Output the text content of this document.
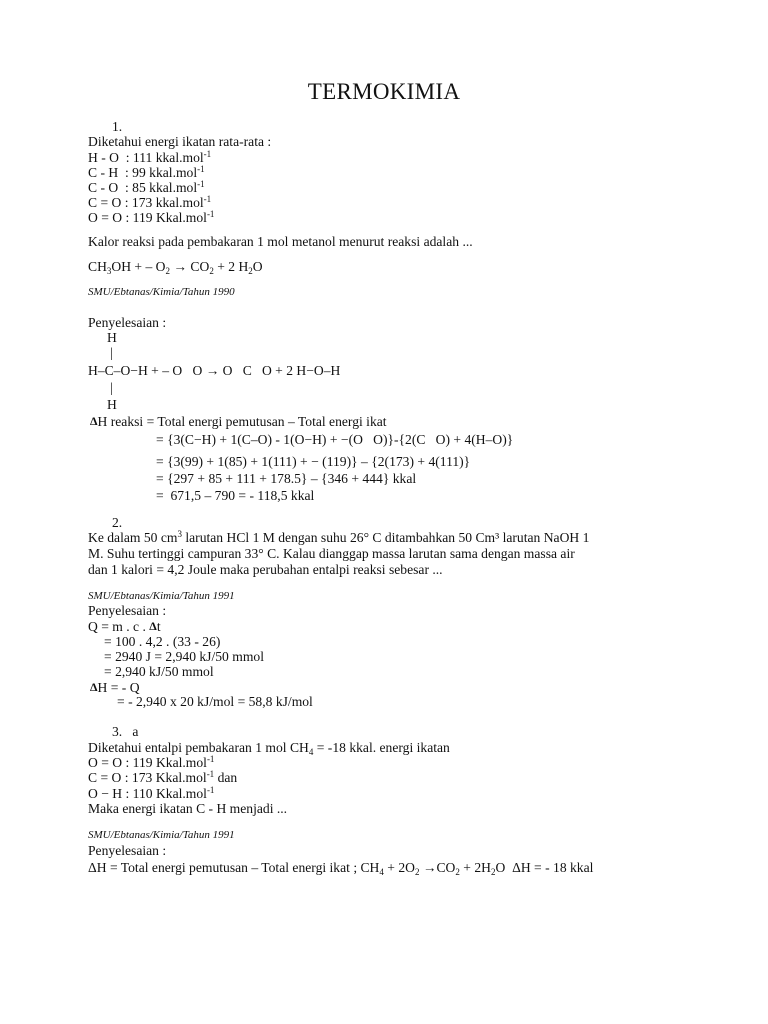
TERMOKIMIA
1.
Diketahui energi ikatan rata-rata :
H - O  : 111 kkal.mol$^{-1}$
C - H  : 99 kkal.mol$^{-1}$
C - O  : 85 kkal.mol$^{-1}$
C = O : 173 kkal.mol$^{-1}$
O = O : 119 Kkal.mol$^{-1}$
Kalor reaksi pada pembakaran 1 mol metanol menurut reaksi adalah ...
$CH_3OH$ + – $O_2 \to CO_2 + 2$ $H_2O$
SMU/Ebtanas/Kimia/Tahun 1990
Penyelesaian :
H
|
H–C–O−H + – O   O → O   C   O + 2 H−O–H
|
H
ΔH reaksi = Total energi pemutusan – Total energi ikat
= {3(C−H) + 1(C–O) - 1(O−H) + −(O   O)}-{2(C   O) + 4(H–O)}
= {3(99) + 1(85) + 1(111) + − (119)} – {2(173) + 4(111)}
= {297 + 85 + 111 + 178.5} – {346 + 444} kkal
=  671,5 – 790 = - 118,5 kkal
2.
Ke dalam 50 $cm^3$ larutan HCl 1 M dengan suhu 26° C ditambahkan 50 Cm³ larutan NaOH 1
M. Suhu tertinggi campuran 33° C. Kalau dianggap massa larutan sama dengan massa air
dan 1 kalori = 4,2 Joule maka perubahan entalpi reaksi sebesar ...
SMU/Ebtanas/Kimia/Tahun 1991
Penyelesaian :
Q = m . c . Δt
= 100 . 4,2 . (33 - 26)
= 2940 J = 2,940 kJ/50 mmol
= 2,940 kJ/50 mmol
ΔH = - Q
= - 2,940 x 20 kJ/mol = 58,8 kJ/mol
3.   a
Diketahui entalpi pembakaran 1 mol $CH_4 = -18$ kkal. energi ikatan
O = O : 119 Kkal.mol$^{-1}$
C = O : 173 Kkal.mol$^{-1}$ dan
O − H : 110 Kkal.mol$^{-1}$
Maka energi ikatan C - H menjadi ...
SMU/Ebtanas/Kimia/Tahun 1991
Penyelesaian :
ΔH = Total energi pemutusan – Total energi ikat ; $CH_4 + 2O_2 \to CO_2 + 2H_2O$  ΔH = - 18 kkal
